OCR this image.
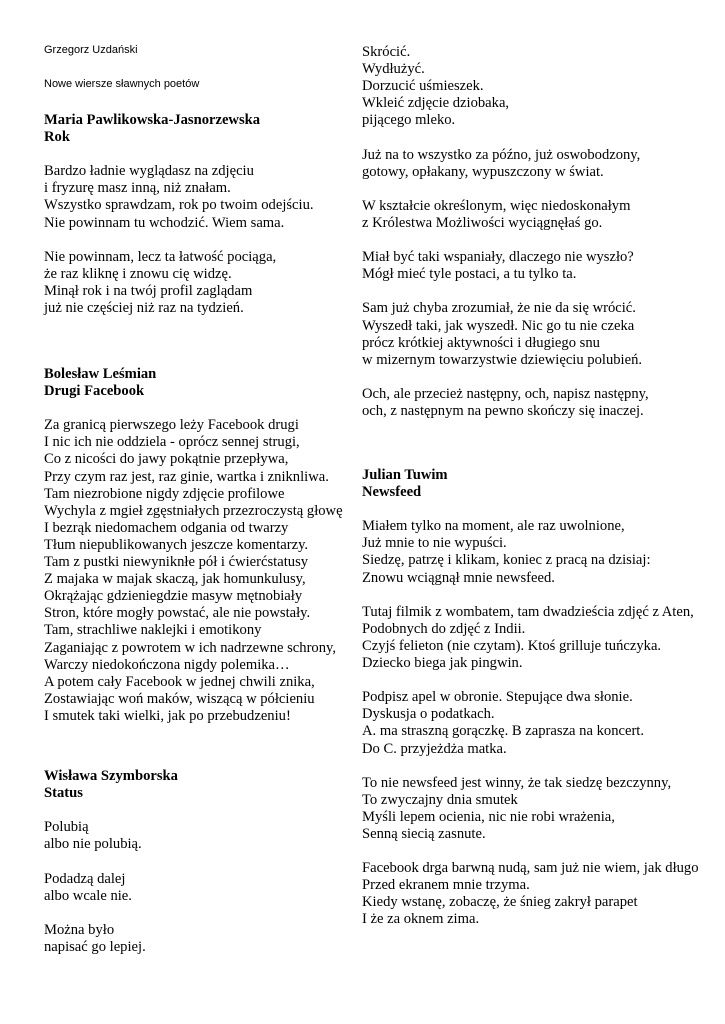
Grzegorz Uzdański
Nowe wiersze sławnych poetów
Maria Pawlikowska-Jasnorzewska
Rok
Bardzo ładnie wyglądasz na zdjęciu
i fryzurę masz inną, niż znałam.
Wszystko sprawdzam, rok po twoim odejściu.
Nie powinnam tu wchodzić. Wiem sama.
Nie powinnam, lecz ta łatwość pociąga,
że raz kliknę i znowu cię widzę.
Minął rok i na twój profil zaglądam
już nie częściej niż raz na tydzień.
Bolesław Leśmian
Drugi Facebook
Za granicą pierwszego leży Facebook drugi
I nic ich nie oddziela - oprócz sennej strugi,
Co z nicości do jawy pokątnie przepływa,
Przy czym raz jest, raz ginie, wartka i zniknliwa.
Tam niezrobione nigdy zdjęcie profilowe
Wychyla z mgieł zgęstniałych przezroczystą głowę
I bezrąk niedomachem odgania od twarzy
Tłum niepublikowanych jeszcze komentarzy.
Tam z pustki niewyniknłe pół i ćwierćstatusy
Z majaka w majak skaczą, jak homunkulusy,
Okrążając gdzieniegdzie masyw mętnobiały
Stron, które mogły powstać, ale nie powstały.
Tam, strachliwe naklejki i emotikony
Zaganiając z powrotem w ich nadrzewne schrony,
Warczy niedokończona nigdy polemika…
A potem cały Facebook w jednej chwili znika,
Zostawiając woń maków, wiszącą w półcieniu
I smutek taki wielki, jak po przebudzeniu!
Wisława Szymborska
Status
Polubią
albo nie polubią.
Podadzą dalej
albo wcale nie.
Można było
napisać go lepiej.
Skrócić.
Wydłużyć.
Dorzucić uśmieszek.
Wkleić zdjęcie dziobaka,
pijącego mleko.
Już na to wszystko za późno, już oswobodzony,
gotowy, opłakany, wypuszczony w świat.
W kształcie określonym, więc niedoskonałym
z Królestwa Możliwości wyciągnęłaś go.
Miał być taki wspaniały, dlaczego nie wyszło?
Mógł mieć tyle postaci, a tu tylko ta.
Sam już chyba zrozumiał, że nie da się wrócić.
Wyszedł taki, jak wyszedł. Nic go tu nie czeka
prócz krótkiej aktywności i długiego snu
w mizernym towarzystwie dziewięciu polubień.
Och, ale przecież następny, och, napisz następny,
och, z następnym na pewno skończy się inaczej.
Julian Tuwim
Newsfeed
Miałem tylko na moment, ale raz uwolnione,
Już mnie to nie wypuści.
Siedzę, patrzę i klikam, koniec z pracą na dzisiaj:
Znowu wciągnął mnie newsfeed.
Tutaj filmik z wombatem, tam dwadzieścia zdjęć z Aten,
Podobnych do zdjęć z Indii.
Czyjś felieton (nie czytam). Ktoś grilluje tuńczyka.
Dziecko biega jak pingwin.
Podpisz apel w obronie. Stepujące dwa słonie.
Dyskusja o podatkach.
A. ma straszną gorączkę. B zaprasza na koncert.
Do C. przyjeżdża matka.
To nie newsfeed jest winny, że tak siedzę bezczynny,
To zwyczajny dnia smutek
Myśli lepem ocienia, nic nie robi wrażenia,
Senną siecią zasnute.
Facebook drga barwną nudą, sam już nie wiem, jak długo
Przed ekranem mnie trzyma.
Kiedy wstanę, zobaczę, że śnieg zakrył parapet
I że za oknem zima.
